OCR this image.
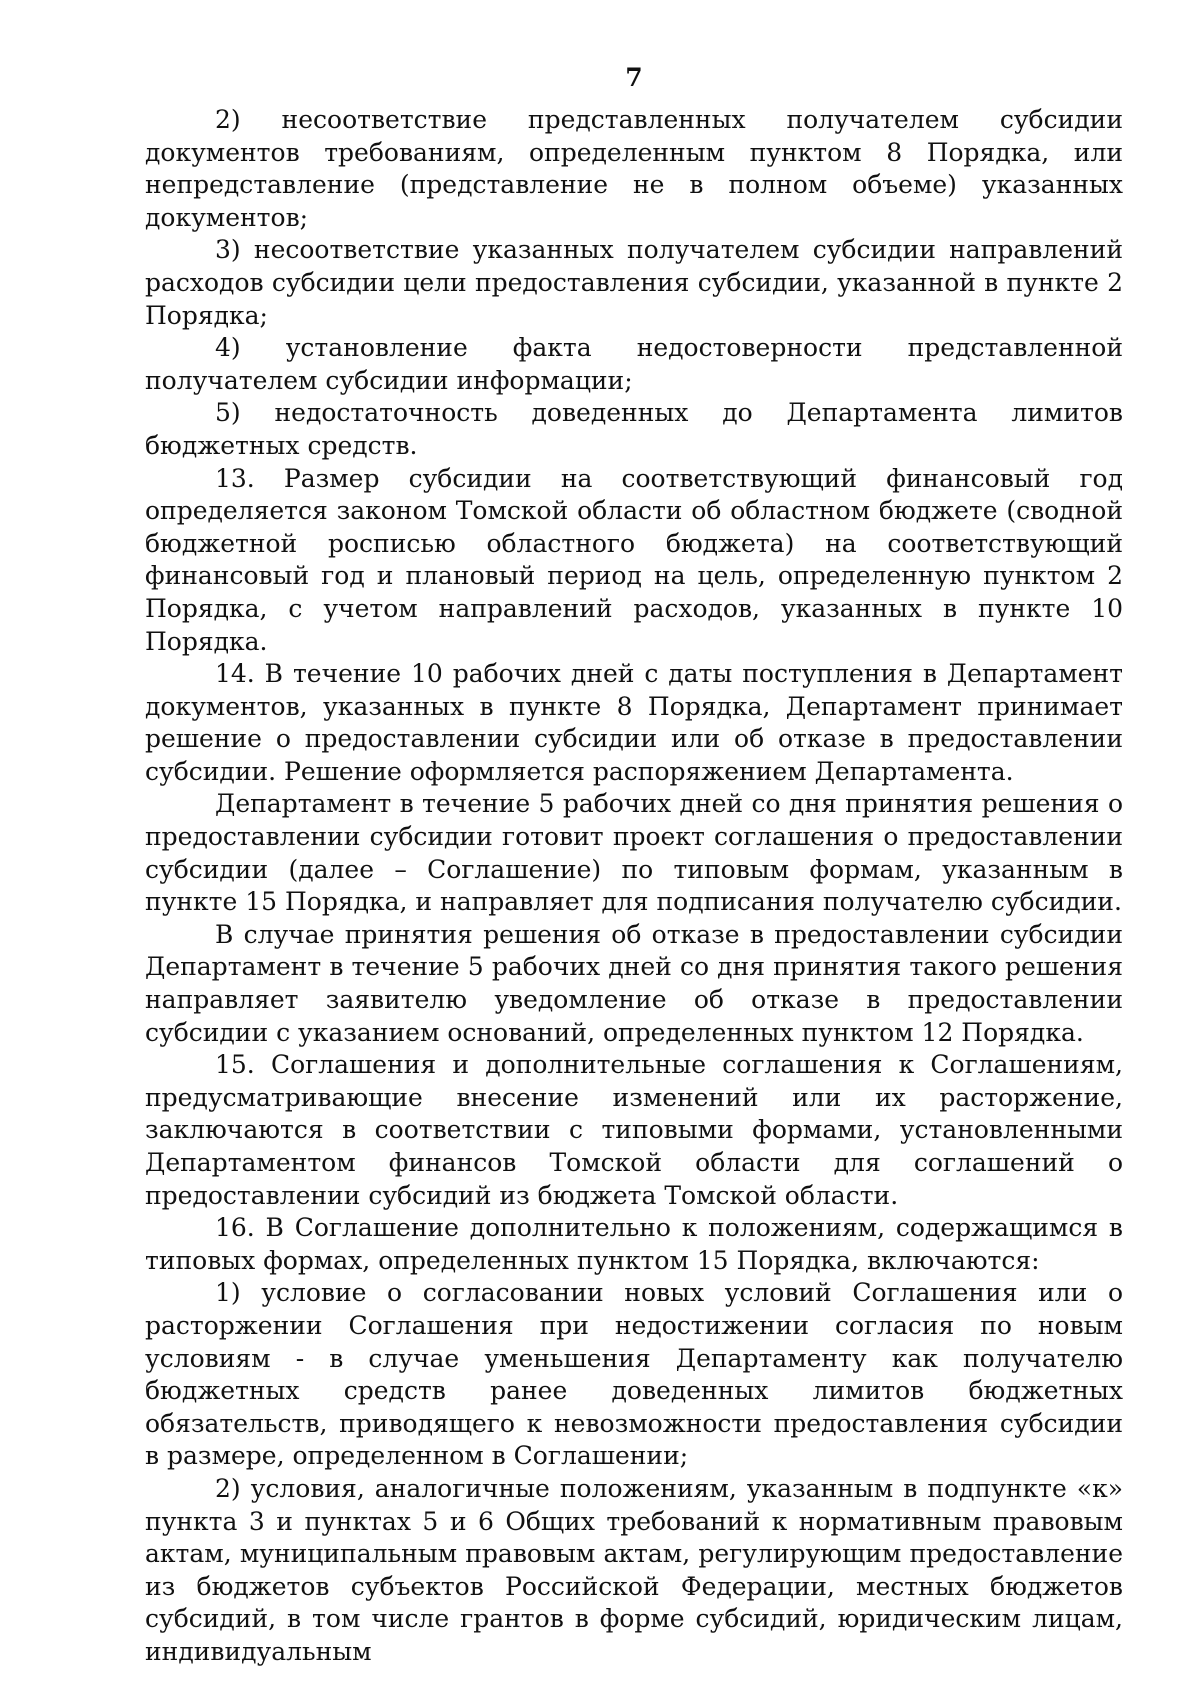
7

2) несоответствие представленных получателем субсидии документов требованиям, определенным пунктом 8 Порядка, или непредставление (представление не в полном объеме) указанных документов;

3) несоответствие указанных получателем субсидии направлений расходов субсидии цели предоставления субсидии, указанной в пункте 2 Порядка;

4) установление факта недостоверности представленной получателем субсидии информации;

5) недостаточность доведенных до Департамента лимитов бюджетных средств.

13. Размер субсидии на соответствующий финансовый год определяется законом Томской области об областном бюджете (сводной бюджетной росписью областного бюджета) на соответствующий финансовый год и плановый период на цель, определенную пунктом 2 Порядка, с учетом направлений расходов, указанных в пункте 10 Порядка.

14. В течение 10 рабочих дней с даты поступления в Департамент документов, указанных в пункте 8 Порядка, Департамент принимает решение о предоставлении субсидии или об отказе в предоставлении субсидии. Решение оформляется распоряжением Департамента.

Департамент в течение 5 рабочих дней со дня принятия решения о предоставлении субсидии готовит проект соглашения о предоставлении субсидии (далее – Соглашение) по типовым формам, указанным в пункте 15 Порядка, и направляет для подписания получателю субсидии.

В случае принятия решения об отказе в предоставлении субсидии Департамент в течение 5 рабочих дней со дня принятия такого решения направляет заявителю уведомление об отказе в предоставлении субсидии с указанием оснований, определенных пунктом 12 Порядка.

15. Соглашения и дополнительные соглашения к Соглашениям, предусматривающие внесение изменений или их расторжение, заключаются в соответствии с типовыми формами, установленными Департаментом финансов Томской области для соглашений о предоставлении субсидий из бюджета Томской области.

16. В Соглашение дополнительно к положениям, содержащимся в типовых формах, определенных пунктом 15 Порядка, включаются:

1) условие о согласовании новых условий Соглашения или о расторжении Соглашения при недостижении согласия по новым условиям - в случае уменьшения Департаменту как получателю бюджетных средств ранее доведенных лимитов бюджетных обязательств, приводящего к невозможности предоставления субсидии в размере, определенном в Соглашении;

2) условия, аналогичные положениям, указанным в подпункте «к» пункта 3 и пунктах 5 и 6 Общих требований к нормативным правовым актам, муниципальным правовым актам, регулирующим предоставление из бюджетов субъектов Российской Федерации, местных бюджетов субсидий, в том числе грантов в форме субсидий, юридическим лицам, индивидуальным
